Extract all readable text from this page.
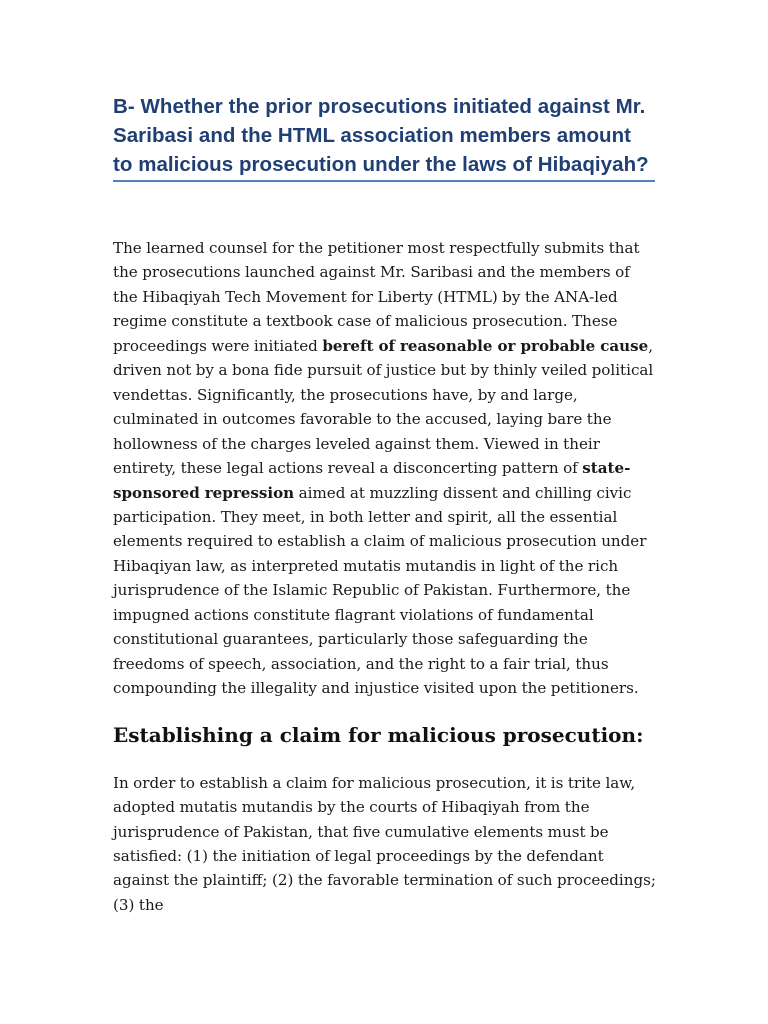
B- Whether the prior prosecutions initiated against Mr. Saribasi and the HTML association members amount to malicious prosecution under the laws of Hibaqiyah?

The learned counsel for the petitioner most respectfully submits that the prosecutions launched against Mr. Saribasi and the members of the Hibaqiyah Tech Movement for Liberty (HTML) by the ANA-led regime constitute a textbook case of malicious prosecution. These proceedings were initiated bereft of reasonable or probable cause, driven not by a bona fide pursuit of justice but by thinly veiled political vendettas. Significantly, the prosecutions have, by and large, culminated in outcomes favorable to the accused, laying bare the hollowness of the charges leveled against them. Viewed in their entirety, these legal actions reveal a disconcerting pattern of state-sponsored repression aimed at muzzling dissent and chilling civic participation. They meet, in both letter and spirit, all the essential elements required to establish a claim of malicious prosecution under Hibaqiyan law, as interpreted mutatis mutandis in light of the rich jurisprudence of the Islamic Republic of Pakistan. Furthermore, the impugned actions constitute flagrant violations of fundamental constitutional guarantees, particularly those safeguarding the freedoms of speech, association, and the right to a fair trial, thus compounding the illegality and injustice visited upon the petitioners.

Establishing a claim for malicious prosecution:

In order to establish a claim for malicious prosecution, it is trite law, adopted mutatis mutandis by the courts of Hibaqiyah from the jurisprudence of Pakistan, that five cumulative elements must be satisfied: (1) the initiation of legal proceedings by the defendant against the plaintiff; (2) the favorable termination of such proceedings; (3) the
